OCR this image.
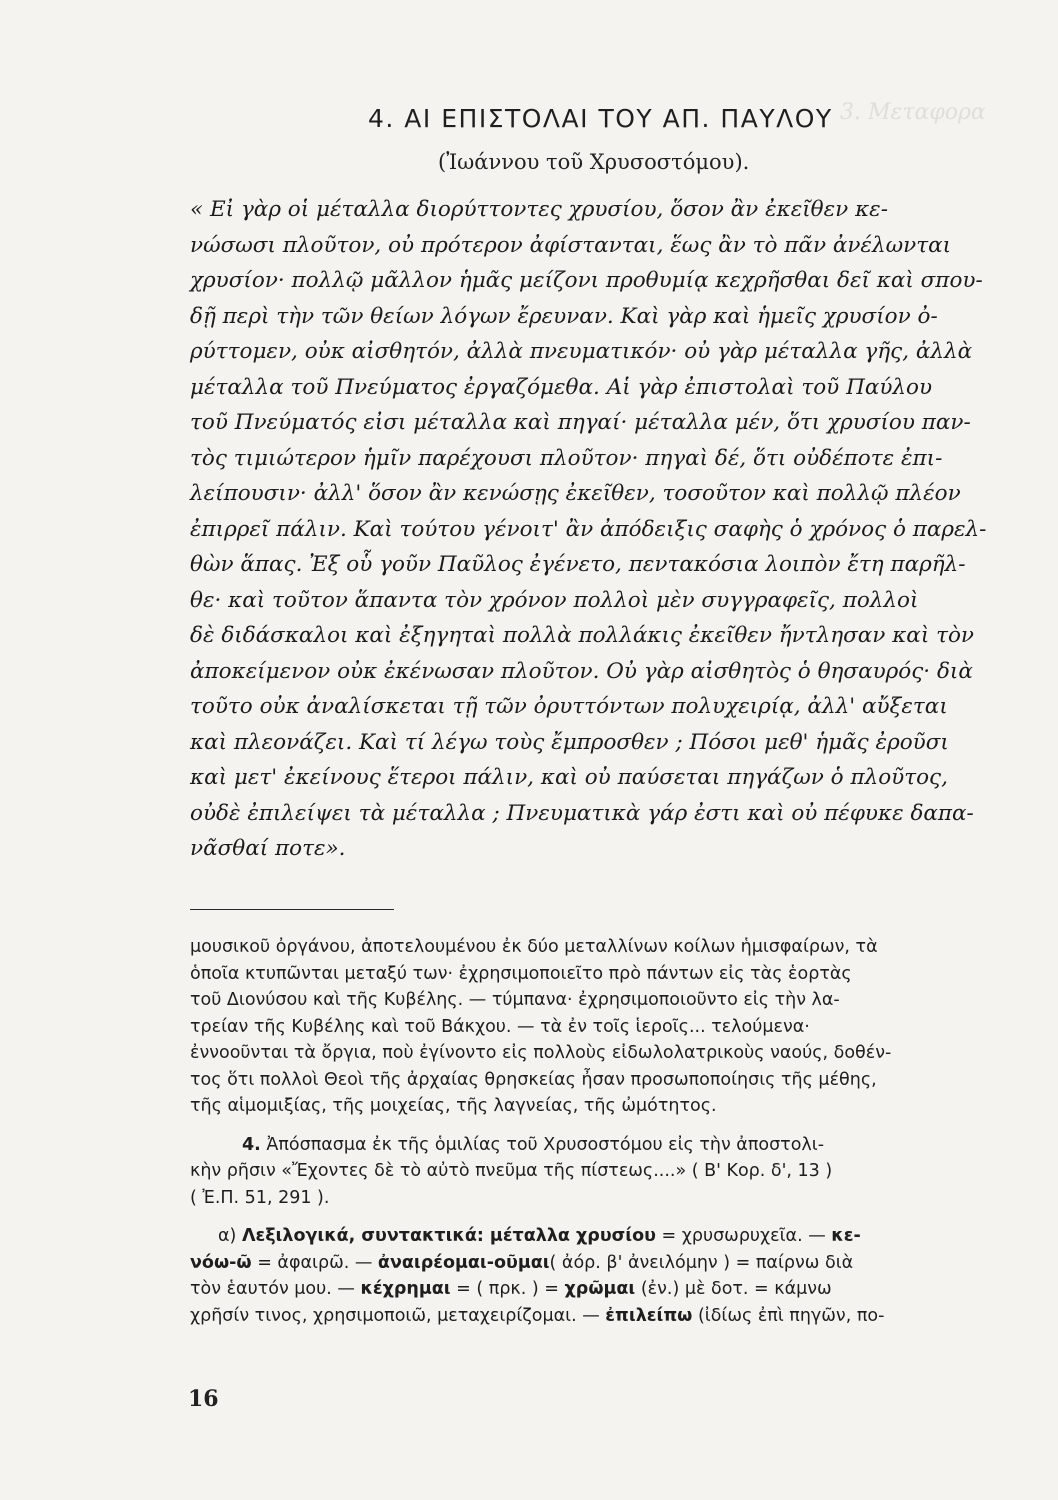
3. Μεταφορα
4. ΑΙ ΕΠΙΣΤΟΛΑΙ ΤΟΥ ΑΠ. ΠΑΥΛΟΥ
(Ἰωάννου τοῦ Χρυσοστόμου).
« Εἰ γὰρ οἱ μέταλλα διορύττοντες χρυσίου, ὅσον ἂν ἐκεῖθεν κε-
νώσωσι πλοῦτον, οὐ πρότερον ἀφίστανται, ἕως ἂν τὸ πᾶν ἀνέλωνται
χρυσίον· πολλῷ μᾶλλον ἡμᾶς μείζονι προθυμίᾳ κεχρῆσθαι δεῖ καὶ σπου-
δῇ περὶ τὴν τῶν θείων λόγων ἔρευναν. Καὶ γὰρ καὶ ἡμεῖς χρυσίον ὀ-
ρύττομεν, οὐκ αἰσθητόν, ἀλλὰ πνευματικόν· οὐ γὰρ μέταλλα γῆς, ἀλλὰ
μέταλλα τοῦ Πνεύματος ἐργαζόμεθα. Αἱ γὰρ ἐπιστολαὶ τοῦ Παύλου
τοῦ Πνεύματός εἰσι μέταλλα καὶ πηγαί· μέταλλα μέν, ὅτι χρυσίου παν-
τὸς τιμιώτερον ἡμῖν παρέχουσι πλοῦτον· πηγαὶ δέ, ὅτι οὐδέποτε ἐπι-
λείπουσιν· ἀλλ' ὅσον ἂν κενώσῃς ἐκεῖθεν, τοσοῦτον καὶ πολλῷ πλέον
ἐπιρρεῖ πάλιν. Καὶ τούτου γένοιτ' ἂν ἀπόδειξις σαφὴς ὁ χρόνος ὁ παρελ-
θὼν ἅπας. Ἐξ οὗ γοῦν Παῦλος ἐγένετο, πεντακόσια λοιπὸν ἔτη παρῆλ-
θε· καὶ τοῦτον ἅπαντα τὸν χρόνον πολλοὶ μὲν συγγραφεῖς, πολλοὶ
δὲ διδάσκαλοι καὶ ἐξηγηταὶ πολλὰ πολλάκις ἐκεῖθεν ἤντλησαν καὶ τὸν
ἀποκείμενον οὐκ ἐκένωσαν πλοῦτον. Οὐ γὰρ αἰσθητὸς ὁ θησαυρός· διὰ
τοῦτο οὐκ ἀναλίσκεται τῇ τῶν ὀρυττόντων πολυχειρίᾳ, ἀλλ' αὔξεται
καὶ πλεονάζει. Καὶ τί λέγω τοὺς ἔμπροσθεν ; Πόσοι μεθ' ἡμᾶς ἐροῦσι
καὶ μετ' ἐκείνους ἕτεροι πάλιν, καὶ οὐ παύσεται πηγάζων ὁ πλοῦτος,
οὐδὲ ἐπιλείψει τὰ μέταλλα ; Πνευματικὰ γάρ ἐστι καὶ οὐ πέφυκε δαπα-
νᾶσθαί ποτε».
μουσικοῦ ὀργάνου, ἀποτελουμένου ἐκ δύο μεταλλίνων κοίλων ἡμισφαίρων, τὰ
ὁποῖα κτυπῶνται μεταξύ των· ἐχρησιμοποιεῖτο πρὸ πάντων εἰς τὰς ἑορτὰς
τοῦ Διονύσου καὶ τῆς Κυβέλης. — τύμπανα· ἐχρησιμοποιοῦντο εἰς τὴν λα-
τρείαν τῆς Κυβέλης καὶ τοῦ Βάκχου. — τὰ ἐν τοῖς ἱεροῖς... τελούμενα·
ἐννοοῦνται τὰ ὄργια, ποὺ ἐγίνοντο εἰς πολλοὺς εἰδωλολατρικοὺς ναούς, δοθέν-
τος ὅτι πολλοὶ Θεοὶ τῆς ἀρχαίας θρησκείας ἦσαν προσωποποίησις τῆς μέθης,
τῆς αἱμομιξίας, τῆς μοιχείας, τῆς λαγνείας, τῆς ὠμότητος.
4. Ἀπόσπασμα ἐκ τῆς ὁμιλίας τοῦ Χρυσοστόμου εἰς τὴν ἀποστολι-
κὴν ρῆσιν «Ἔχοντες δὲ τὸ αὐτὸ πνεῦμα τῆς πίστεως....» ( Β' Κορ. δ', 13 )
( Ἐ.Π. 51, 291 ).
α) Λεξιλογικά, συντακτικά: μέταλλα χρυσίου = χρυσωρυχεῖα. — κε-
νόω-ῶ = ἀφαιρῶ. — ἀναιρέομαι-οῦμαι( ἀόρ. β' ἀνειλόμην ) = παίρνω διὰ
τὸν ἑαυτόν μου. — κέχρημαι = ( πρκ. ) = χρῶμαι (ἐν.) μὲ δοτ. = κάμνω
χρῆσίν τινος, χρησιμοποιῶ, μεταχειρίζομαι. — ἐπιλείπω (ἰδίως ἐπὶ πηγῶν, πο-
16
